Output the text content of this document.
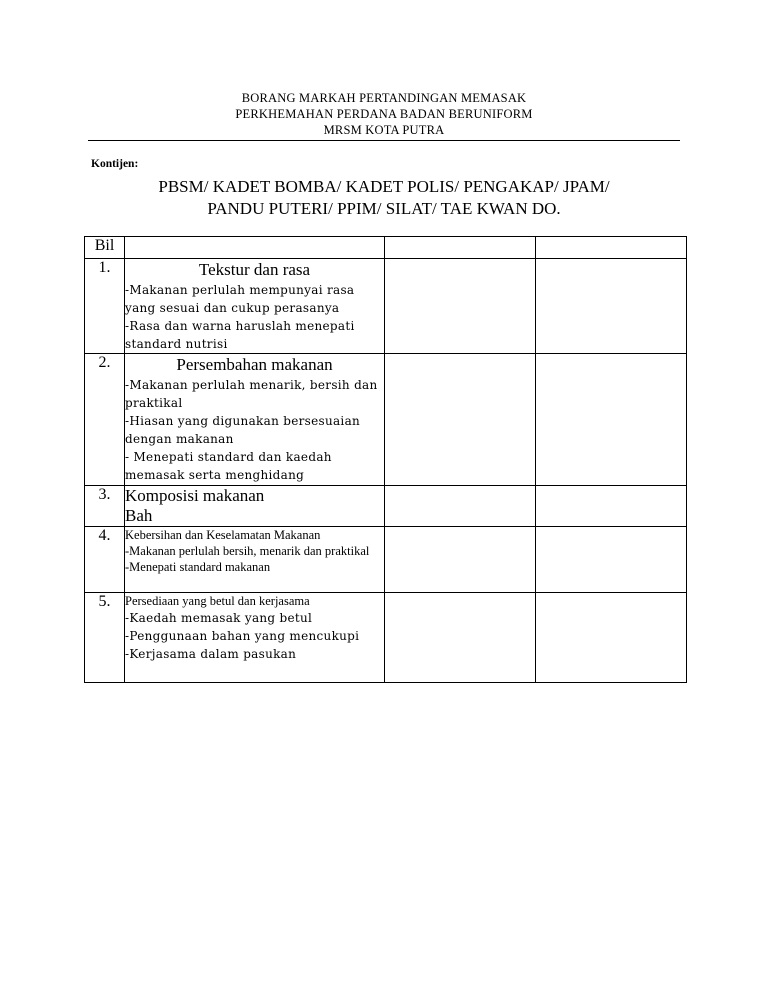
BORANG MARKAH PERTANDINGAN MEMASAK
PERKHEMAHAN PERDANA BADAN BERUNIFORM
MRSM KOTA PUTRA
Kontijen:
PBSM/ KADET BOMBA/ KADET POLIS/ PENGAKAP/ JPAM/
PANDU PUTERI/ PPIM/ SILAT/ TAE KWAN DO.
Bil			
1.	Tekstur dan rasa
-Makanan perlulah mempunyai rasa yang sesuai dan cukup perasanya
-Rasa dan warna haruslah menepati standard nutrisi		

2.	Persembahan makanan
-Makanan perlulah menarik, bersih dan praktikal
-Hiasan yang digunakan bersesuaian dengan makanan
- Menepati standard dan kaedah memasak serta menghidang		

3.	Komposisi makanan
Bah		

4.	Kebersihan dan Keselamatan Makanan
-Makanan perlulah bersih, menarik dan praktikal
-Menepati standard makanan		

5.	Persediaan yang betul dan kerjasama
-Kaedah memasak yang betul
-Penggunaan bahan yang mencukupi
-Kerjasama dalam pasukan		
